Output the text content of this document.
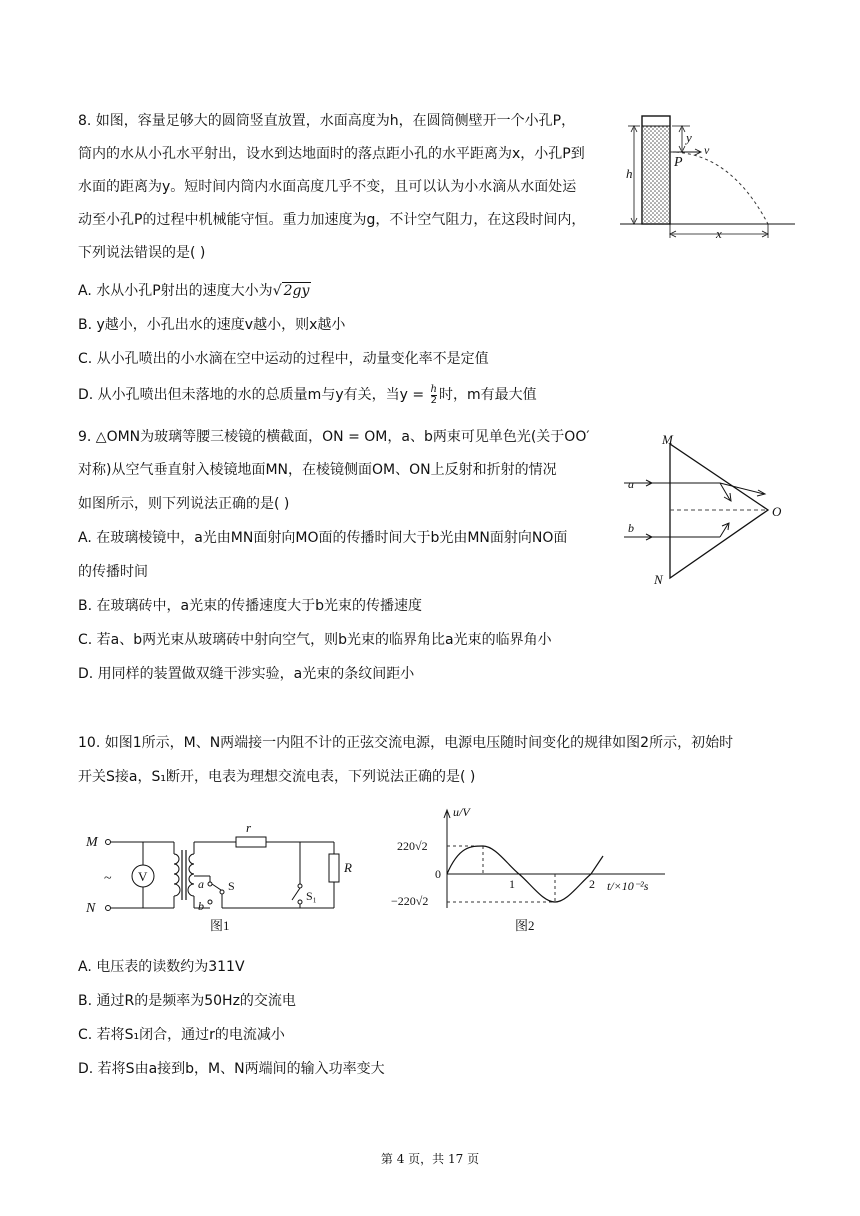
8. 如图，容量足够大的圆筒竖直放置，水面高度为h，在圆筒侧壁开一个小孔P，
筒内的水从小孔水平射出，设水到达地面时的落点距小孔的水平距离为x，小孔P到
水面的距离为y。短时间内筒内水面高度几乎不变，且可以认为小水滴从水面处运
动至小孔P的过程中机械能守恒。重力加速度为g，不计空气阻力，在这段时间内，
下列说法错误的是( )
A. 水从小孔P射出的速度大小为√ 2gy
B. y越小，小孔出水的速度v越小，则x越小
C. 从小孔喷出的小水滴在空中运动的过程中，动量变化率不是定值
D. 从小孔喷出但未落地的水的总质量m与y有关，当$y = \frac{h}{2}$ 时，m有最大值
h
y
v
P
x
9. △OMN为玻璃等腰三棱镜的横截面，ON = OM，a、b两束可见单色光(关于OO′
对称)从空气垂直射入棱镜地面MN，在棱镜侧面OM、ON上反射和折射的情况
如图所示，则下列说法正确的是( )
A. 在玻璃棱镜中，a光由MN面射向MO面的传播时间大于b光由MN面射向NO面
的传播时间
B. 在玻璃砖中，a光束的传播速度大于b光束的传播速度
C. 若a、b两光束从玻璃砖中射向空气，则b光束的临界角比a光束的临界角小
D. 用同样的装置做双缝干涉实验，a光束的条纹间距小
M
N
O
a
b
10. 如图1所示，M、N两端接一内阻不计的正弦交流电源，电源电压随时间变化的规律如图2所示，初始时
开关S接a，S₁断开，电表为理想交流电表，下列说法正确的是( )
M
N
~ V	a
b
S
r
S₁
R
图1
u/V
220√2
0
−220√2
1	2 t/×10⁻²s
图2
A. 电压表的读数约为311V
B. 通过R的是频率为50Hz的交流电
C. 若将S₁闭合，通过r的电流减小
D. 若将S由a接到b，M、N两端间的输入功率变大
第 4 页，共 17 页
